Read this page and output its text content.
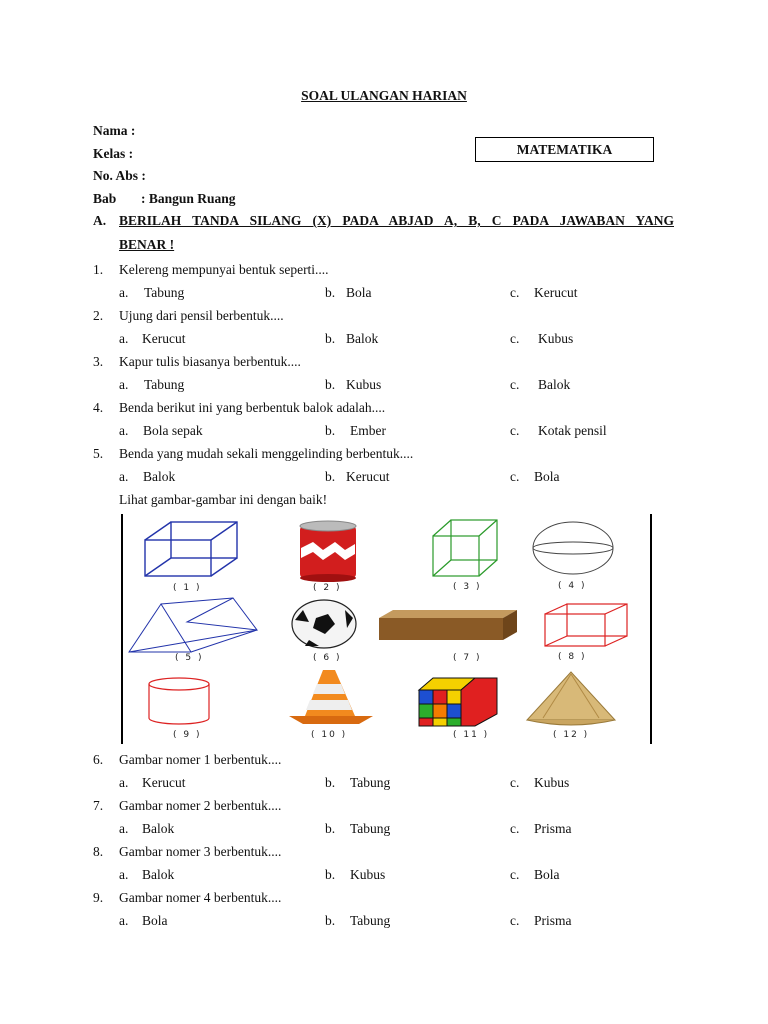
SOAL ULANGAN HARIAN
Nama :
Kelas :
No. Abs :
Bab : Bangun Ruang
MATEMATIKA
A. BERILAH TANDA SILANG (X) PADA ABJAD A, B, C PADA JAWABAN YANG
BENAR !
1. Kelereng mempunyai bentuk seperti....
a. Tabung	b. Bola	c. Kerucut
2. Ujung dari pensil berbentuk....
a. Kerucut	b. Balok	c. Kubus
3. Kapur tulis biasanya berbentuk....
a. Tabung	b. Kubus	c. Balok
4. Benda berikut ini yang berbentuk balok adalah....
a. Bola sepak	b. Ember	c. Kotak pensil
5. Benda yang mudah sekali menggelinding berbentuk....
a. Balok	b. Kerucut	c. Bola
Lihat gambar-gambar ini dengan baik!
( 1 )	( 2 )	( 3 )	( 4 )
( 5 )	( 6 )	( 7 )	( 8 )
( 9 )	( 10 )	( 11 )	( 12 )
6. Gambar nomer 1 berbentuk....
a. Kerucut	b. Tabung	c. Kubus
7. Gambar nomer 2 berbentuk....
a. Balok	b. Tabung	c. Prisma
8. Gambar nomer 3 berbentuk....
a. Balok	b. Kubus	c. Bola
9. Gambar nomer 4 berbentuk....
a. Bola	b. Tabung	c. Prisma
